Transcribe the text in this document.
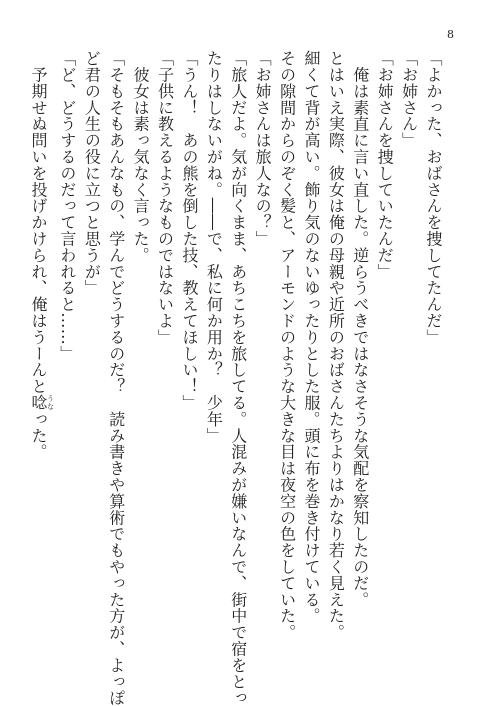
8
「よかった、おばさんを捜してたんだ」
「お姉さん」
「お姉さんを捜していたんだ」
　俺は素直に言い直した。逆らうべきではなさそうな気配を察知したのだ。
とはいえ実際、彼女は俺の母親や近所のおばさんたちよりはかなり若く見えた。
細くて背が高い。飾り気のないゆったりとした服。頭に布を巻き付けている。
その隙間からのぞく髪と、アーモンドのような大きな目は夜空の色をしていた。
「お姉さんは旅人なの？」
「旅人だよ。気が向くまま、あちこちを旅してる。人混みが嫌いなんで、街中で宿をとっ
たりはしないがね。――で、私に何か用か？　少年」
「うん！　あの熊を倒した技、教えてほしい！」
「子供に教えるようなものではないよ」
　彼女は素っ気なく言った。
「そもそもあんなもの、学んでどうするのだ？　読み書きや算術でもやった方が、よっぽ
ど君の人生の役に立つと思うが」
「ど、どうするのだって言われると……」
　予期せぬ問いを投げかけられ、俺はうーんと唸うなった。
